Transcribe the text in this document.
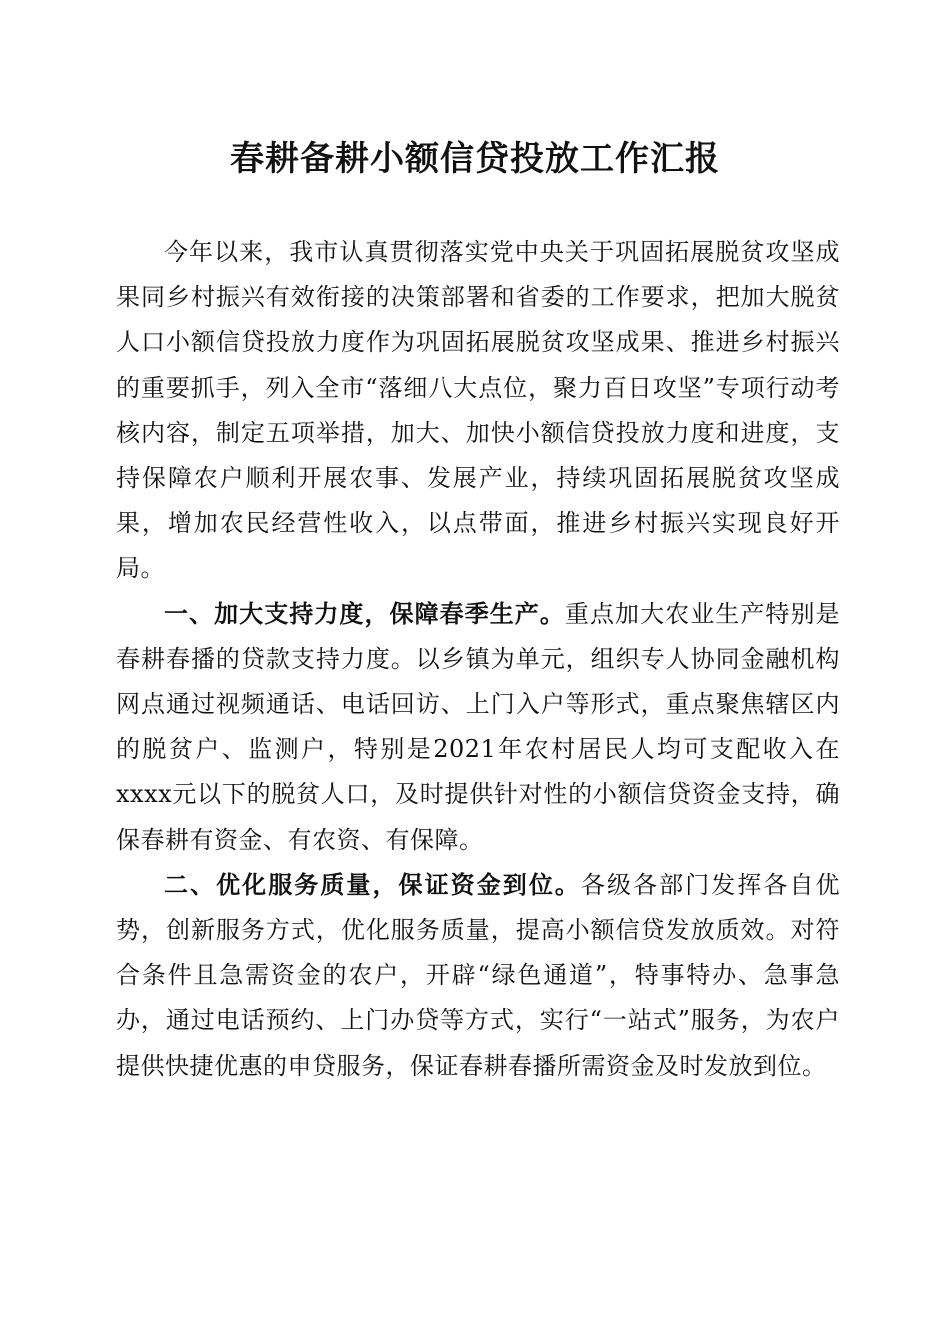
春耕备耕小额信贷投放工作汇报

今年以来，我市认真贯彻落实党中央关于巩固拓展脱贫攻坚成果同乡村振兴有效衔接的决策部署和省委的工作要求，把加大脱贫人口小额信贷投放力度作为巩固拓展脱贫攻坚成果、推进乡村振兴的重要抓手，列入全市“落细八大点位，聚力百日攻坚”专项行动考核内容，制定五项举措，加大、加快小额信贷投放力度和进度，支持保障农户顺利开展农事、发展产业，持续巩固拓展脱贫攻坚成果，增加农民经营性收入，以点带面，推进乡村振兴实现良好开局。

一、加大支持力度，保障春季生产。重点加大农业生产特别是春耕春播的贷款支持力度。以乡镇为单元，组织专人协同金融机构网点通过视频通话、电话回访、上门入户等形式，重点聚焦辖区内的脱贫户、监测户，特别是2021年农村居民人均可支配收入在xxxx元以下的脱贫人口，及时提供针对性的小额信贷资金支持，确保春耕有资金、有农资、有保障。

二、优化服务质量，保证资金到位。各级各部门发挥各自优势，创新服务方式，优化服务质量，提高小额信贷发放质效。对符合条件且急需资金的农户，开辟“绿色通道”，特事特办、急事急办，通过电话预约、上门办贷等方式，实行“一站式”服务，为农户提供快捷优惠的申贷服务，保证春耕春播所需资金及时发放到位。
